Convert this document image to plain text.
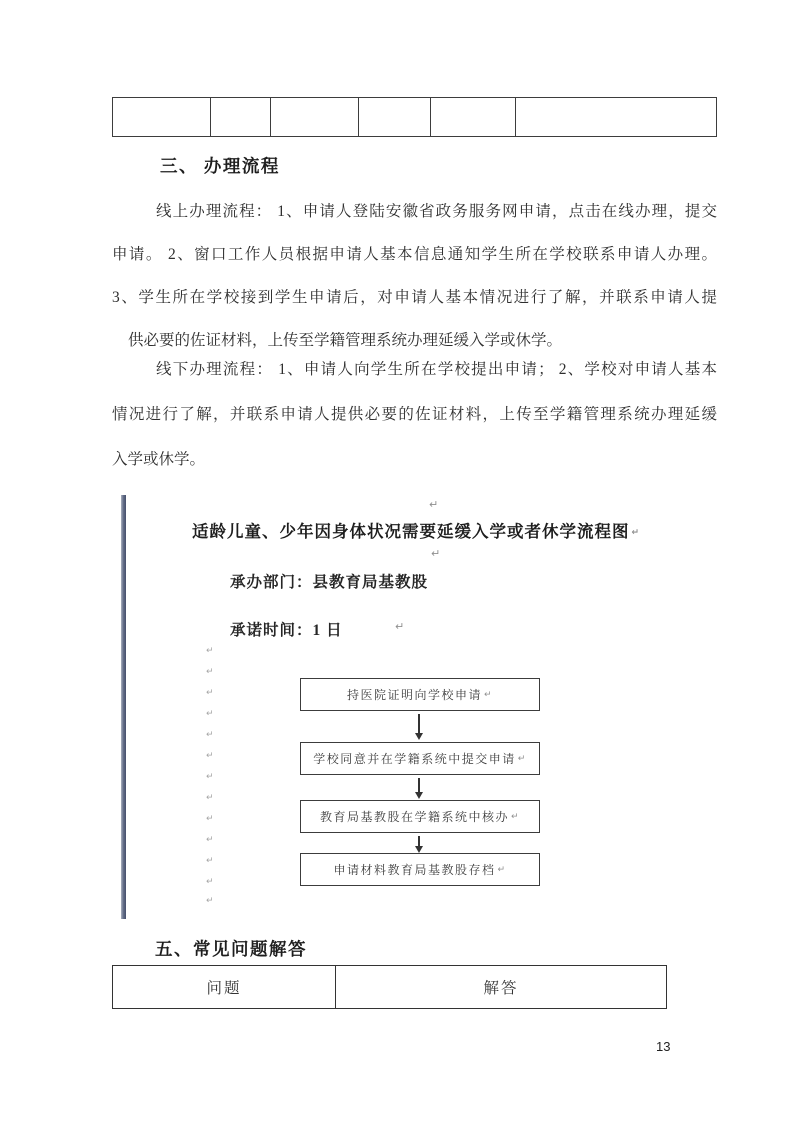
三、 办理流程
线上办理流程： 1、申请人登陆安徽省政务服务网申请，点击在线办理，提交
申请。 2、窗口工作人员根据申请人基本信息通知学生所在学校联系申请人办理。
3、学生所在学校接到学生申请后，对申请人基本情况进行了解，并联系申请人提
供必要的佐证材料，上传至学籍管理系统办理延缓入学或休学。
线下办理流程： 1、申请人向学生所在学校提出申请； 2、学校对申请人基本
情况进行了解，并联系申请人提供必要的佐证材料，上传至学籍管理系统办理延缓
入学或休学。
↵
↵
↵
适龄儿童、少年因身体状况需要延缓入学或者休学流程图 ↵
承办部门：县教育局基教股
承诺时间：1 日
↵
↵
↵
↵
↵
↵
↵
↵
↵
↵
↵
↵
↵
持医院证明向学校申请 ↵
学校同意并在学籍系统中提交申请 ↵
教育局基教股在学籍系统中核办 ↵
申请材料教育局基教股存档 ↵
五、常见问题解答
问题	解答
13
